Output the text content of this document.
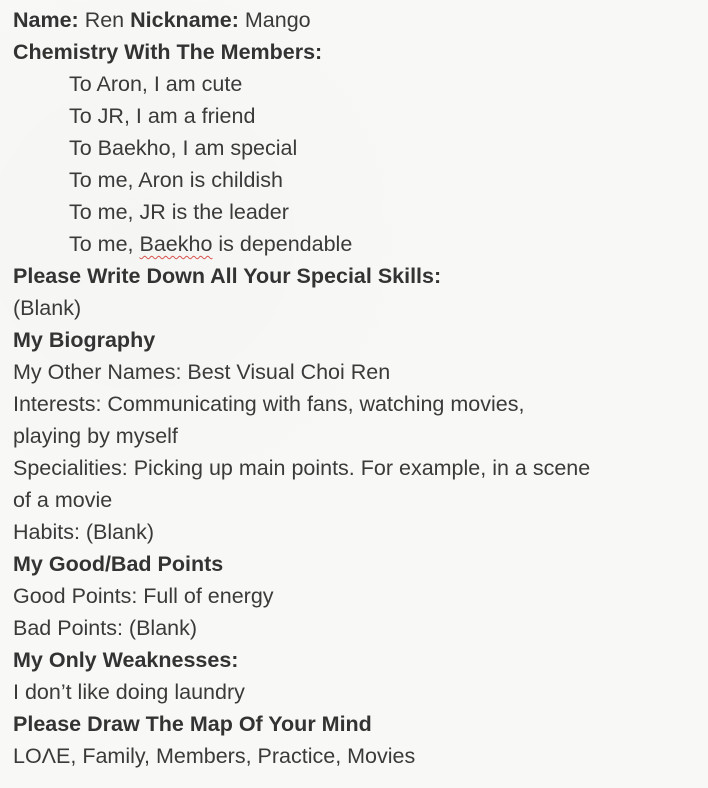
Name: Ren Nickname: Mango
Chemistry With The Members:
To Aron, I am cute
To JR, I am a friend
To Baekho, I am special
To me, Aron is childish
To me, JR is the leader
To me, Baekho is dependable
Please Write Down All Your Special Skills:
(Blank)
My Biography
My Other Names: Best Visual Choi Ren
Interests: Communicating with fans, watching movies,
playing by myself
Specialities: Picking up main points. For example, in a scene
of a movie
Habits: (Blank)
My Good/Bad Points
Good Points: Full of energy
Bad Points: (Blank)
My Only Weaknesses:
I don’t like doing laundry
Please Draw The Map Of Your Mind
LOΛE, Family, Members, Practice, Movies
